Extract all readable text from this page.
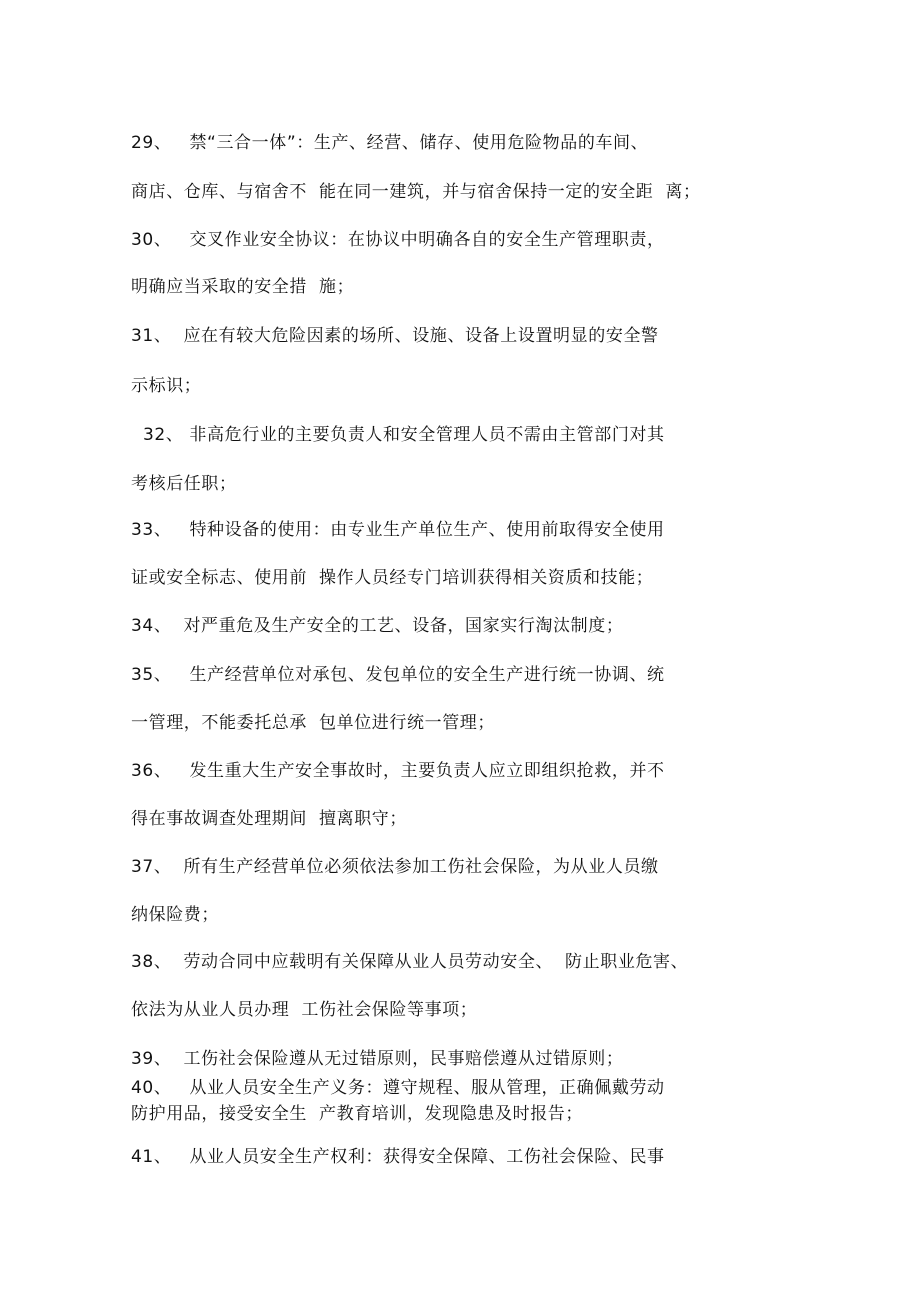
29、   禁“三合一体”：生产、经营、储存、使用危险物品的车间、
商店、仓库、与宿舍不  能在同一建筑，并与宿舍保持一定的安全距  离；
30、   交叉作业安全协议：在协议中明确各自的安全生产管理职责，
明确应当采取的安全措  施；
31、  应在有较大危险因素的场所、设施、设备上设置明显的安全警
示标识；
32、 非高危行业的主要负责人和安全管理人员不需由主管部门对其
考核后任职；
33、   特种设备的使用：由专业生产单位生产、使用前取得安全使用
证或安全标志、使用前  操作人员经专门培训获得相关资质和技能；
34、  对严重危及生产安全的工艺、设备，国家实行淘汰制度；
35、   生产经营单位对承包、发包单位的安全生产进行统一协调、统
一管理，不能委托总承  包单位进行统一管理；
36、   发生重大生产安全事故时，主要负责人应立即组织抢救，并不
得在事故调查处理期间  擅离职守；
37、  所有生产经营单位必须依法参加工伤社会保险，为从业人员缴
纳保险费；
38、  劳动合同中应载明有关保障从业人员劳动安全、  防止职业危害、
依法为从业人员办理  工伤社会保险等事项；
39、  工伤社会保险遵从无过错原则，民事赔偿遵从过错原则；
40、   从业人员安全生产义务：遵守规程、服从管理，正确佩戴劳动
防护用品，接受安全生  产教育培训，发现隐患及时报告；
41、   从业人员安全生产权利：获得安全保障、工伤社会保险、民事
